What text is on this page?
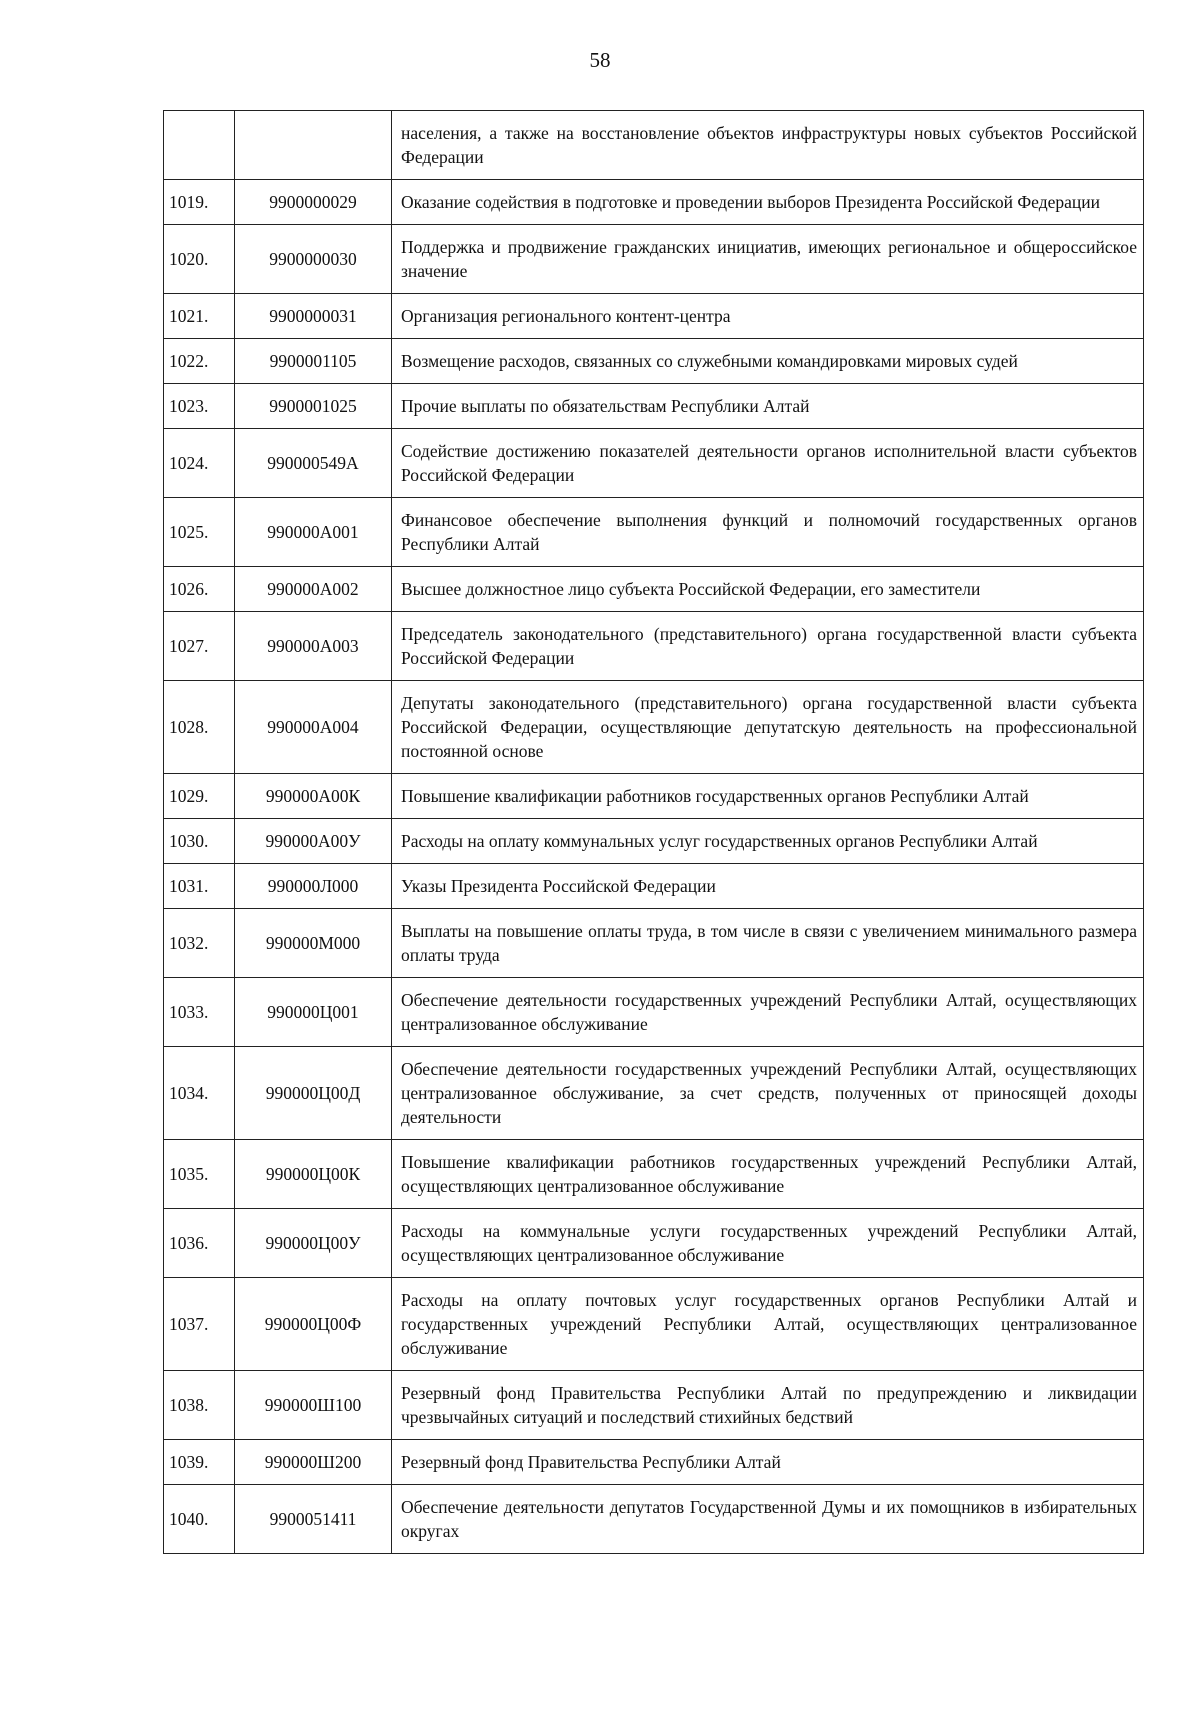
58
		населения, а также на восстановление объектов инфраструктуры новых субъектов Российской Федерации
1019.	9900000029	Оказание содействия в подготовке и проведении выборов Президента Российской Федерации
1020.	9900000030	Поддержка и продвижение гражданских инициатив, имеющих региональное и общероссийское значение
1021.	9900000031	Организация регионального контент-центра
1022.	9900001105	Возмещение расходов, связанных со служебными командировками мировых судей
1023.	9900001025	Прочие выплаты по обязательствам Республики Алтай
1024.	990000549А	Содействие достижению показателей деятельности органов исполнительной власти субъектов Российской Федерации
1025.	990000А001	Финансовое обеспечение выполнения функций и полномочий государственных органов Республики Алтай
1026.	990000А002	Высшее должностное лицо субъекта Российской Федерации, его заместители
1027.	990000А003	Председатель законодательного (представительного) органа государственной власти субъекта Российской Федерации
1028.	990000А004	Депутаты законодательного (представительного) органа государственной власти субъекта Российской Федерации, осуществляющие депутатскую деятельность на профессиональной постоянной основе
1029.	990000А00К	Повышение квалификации работников государственных органов Республики Алтай
1030.	990000А00У	Расходы на оплату коммунальных услуг государственных органов Республики Алтай
1031.	990000Л000	Указы Президента Российской Федерации
1032.	990000М000	Выплаты на повышение оплаты труда, в том числе в связи с увеличением минимального размера оплаты труда
1033.	990000Ц001	Обеспечение деятельности государственных учреждений Республики Алтай, осуществляющих централизованное обслуживание
1034.	990000Ц00Д	Обеспечение деятельности государственных учреждений Республики Алтай, осуществляющих централизованное обслуживание, за счет средств, полученных от приносящей доходы деятельности
1035.	990000Ц00К	Повышение квалификации работников государственных учреждений Республики Алтай, осуществляющих централизованное обслуживание
1036.	990000Ц00У	Расходы на коммунальные услуги государственных учреждений Республики Алтай, осуществляющих централизованное обслуживание
1037.	990000Ц00Ф	Расходы на оплату почтовых услуг государственных органов Республики Алтай и государственных учреждений Республики Алтай, осуществляющих централизованное обслуживание
1038.	990000Ш100	Резервный фонд Правительства Республики Алтай по предупреждению и ликвидации чрезвычайных ситуаций и последствий стихийных бедствий
1039.	990000Ш200	Резервный фонд Правительства Республики Алтай
1040.	9900051411	Обеспечение деятельности депутатов Государственной Думы и их помощников в избирательных округах
